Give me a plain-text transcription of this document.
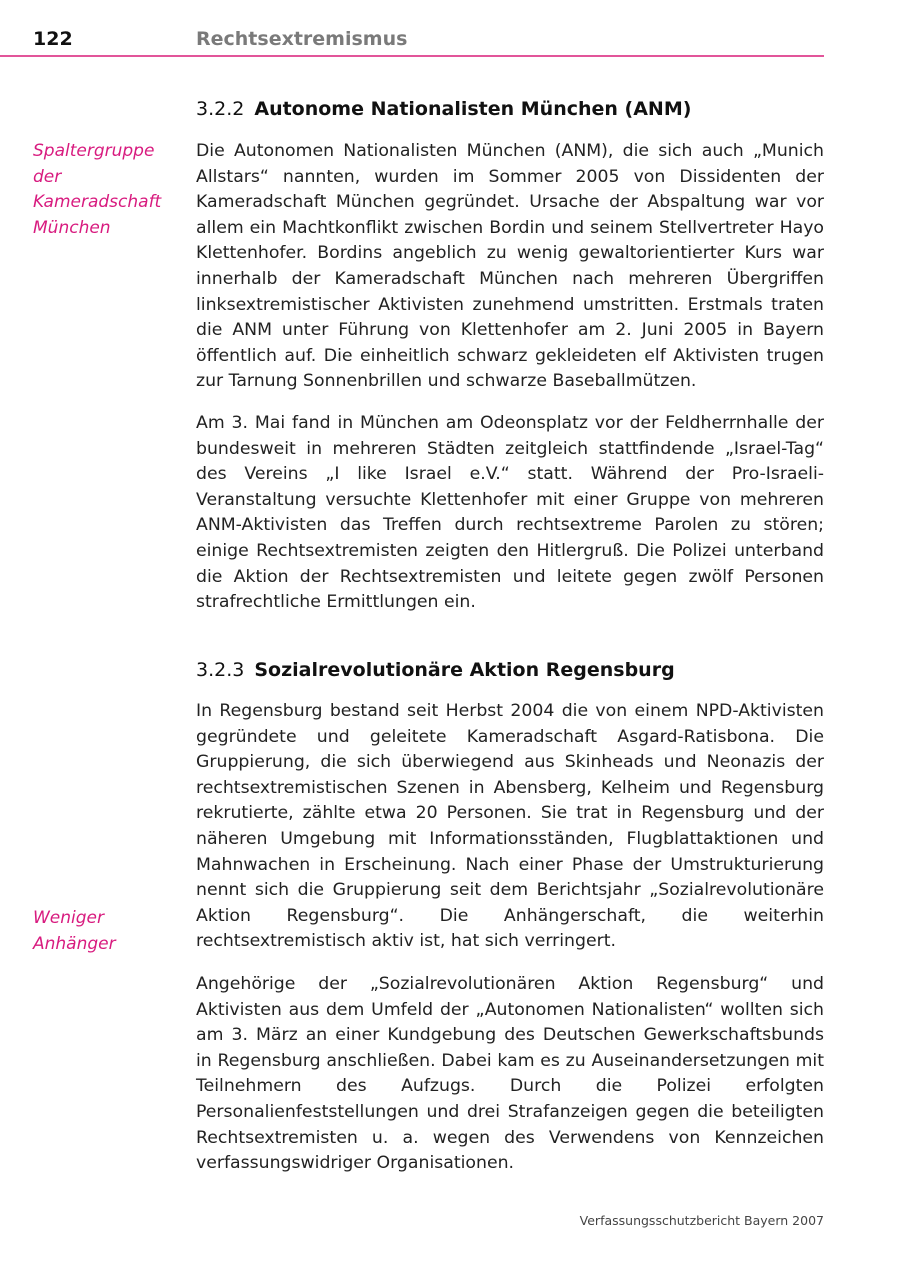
122	Rechtsextremismus
3.2.2 Autonome Nationalisten München (ANM)
Spaltergruppe der Kameradschaft München

Die Autonomen Nationalisten München (ANM), die sich auch „Munich Allstars“ nannten, wurden im Sommer 2005 von Dissidenten der Kameradschaft München gegründet. Ursache der Abspaltung war vor allem ein Machtkonflikt zwischen Bordin und seinem Stellvertreter Hayo Klettenhofer. Bordins angeblich zu wenig gewaltorientierter Kurs war innerhalb der Kameradschaft München nach mehreren Übergriffen linksextremistischer Aktivisten zunehmend umstritten. Erstmals traten die ANM unter Führung von Klettenhofer am 2. Juni 2005 in Bayern öffentlich auf. Die einheitlich schwarz gekleideten elf Aktivisten trugen zur Tarnung Sonnenbrillen und schwarze Baseballmützen.

Am 3. Mai fand in München am Odeonsplatz vor der Feldherrnhalle der bundesweit in mehreren Städten zeitgleich stattfindende „Israel-Tag“ des Vereins „I like Israel e.V.“ statt. Während der Pro-Israeli-Veranstaltung versuchte Klettenhofer mit einer Gruppe von mehreren ANM-Aktivisten das Treffen durch rechtsextreme Parolen zu stören; einige Rechtsextremisten zeigten den Hitlergruß. Die Polizei unterband die Aktion der Rechtsextremisten und leitete gegen zwölf Personen strafrechtliche Ermittlungen ein.

3.2.3 Sozialrevolutionäre Aktion Regensburg

In Regensburg bestand seit Herbst 2004 die von einem NPD-Aktivisten gegründete und geleitete Kameradschaft Asgard-Ratisbona. Die Gruppierung, die sich überwiegend aus Skinheads und Neonazis der rechtsextremistischen Szenen in Abensberg, Kelheim und Regensburg rekrutierte, zählte etwa 20 Personen. Sie trat in Regensburg und der näheren Umgebung mit Informationsständen, Flugblattaktionen und Mahnwachen in Erscheinung. Nach einer Phase der Umstrukturierung nennt sich die Gruppierung seit dem Berichtsjahr „Sozialrevolutionäre Aktion Regensburg“. Die Anhängerschaft, die weiterhin rechtsextremistisch aktiv ist, hat sich verringert.

Weniger Anhänger

Angehörige der „Sozialrevolutionären Aktion Regensburg“ und Aktivisten aus dem Umfeld der „Autonomen Nationalisten“ wollten sich am 3. März an einer Kundgebung des Deutschen Gewerkschaftsbunds in Regensburg anschließen. Dabei kam es zu Auseinandersetzungen mit Teilnehmern des Aufzugs. Durch die Polizei erfolgten Personalienfeststellungen und drei Strafanzeigen gegen die beteiligten Rechtsextremisten u. a. wegen des Verwendens von Kennzeichen verfassungswidriger Organisationen.

Verfassungsschutzbericht Bayern 2007
